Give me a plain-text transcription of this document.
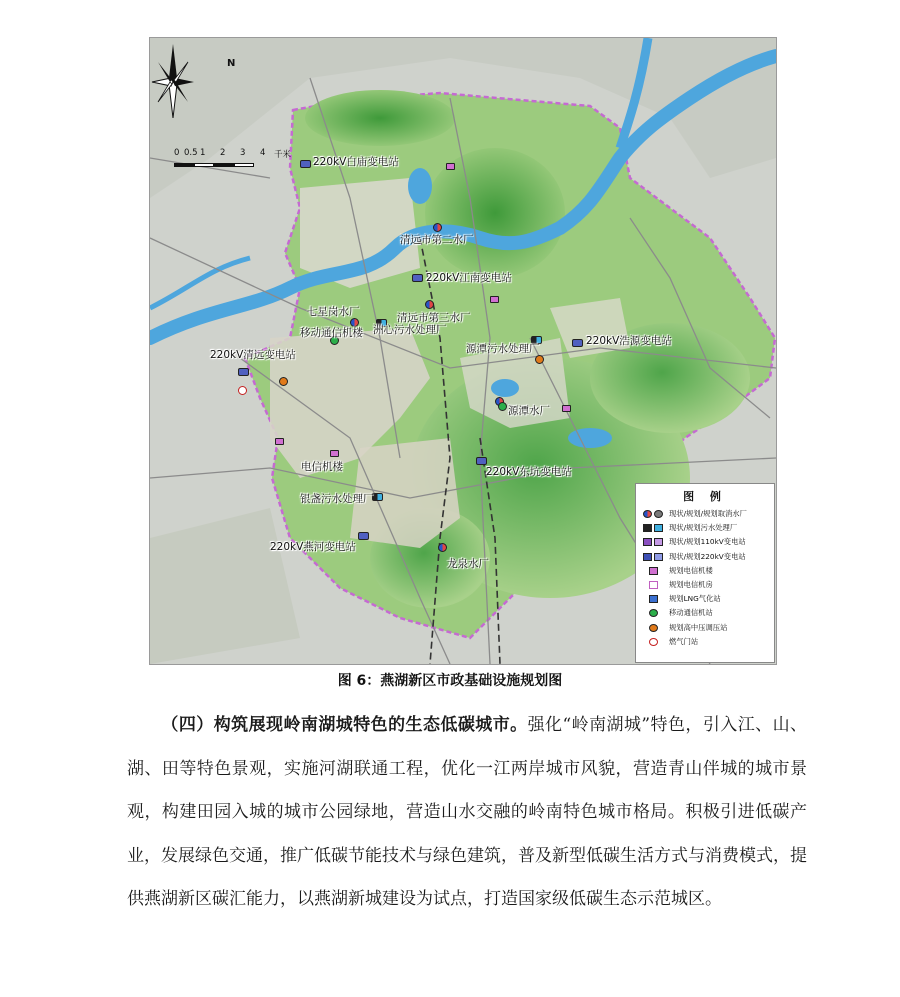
N
0 0.5 1 2 3 4 千米
220kV白庙变电站
清远市第二水厂
220kV江南变电站
七星岗水厂	清远市第三水厂
移动通信机楼 洲心污水处理厂
220kV浩源变电站
源潭污水处理厂
220kV清远变电站
源潭水厂
电信机楼	220kV东坑变电站
银盏污水处理厂
220kV燕河变电站
龙泉水厂
图 例
现状/规划/规划取消水厂
现状/规划污水处理厂
现状/规划110kV变电站
现状/规划220kV变电站
规划电信机楼
规划电信机房
规划LNG气化站
移动通信机站
规划高中压调压站
燃气门站
图 6：燕湖新区市政基础设施规划图
（四）构筑展现岭南湖城特色的生态低碳城市。强化“岭南湖城”特色，引入江、山、湖、田等特色景观，实施河湖联通工程，优化一江两岸城市风貌，营造青山伴城的城市景观，构建田园入城的城市公园绿地，营造山水交融的岭南特色城市格局。积极引进低碳产业，发展绿色交通，推广低碳节能技术与绿色建筑，普及新型低碳生活方式与消费模式，提供燕湖新区碳汇能力，以燕湖新城建设为试点，打造国家级低碳生态示范城区。
